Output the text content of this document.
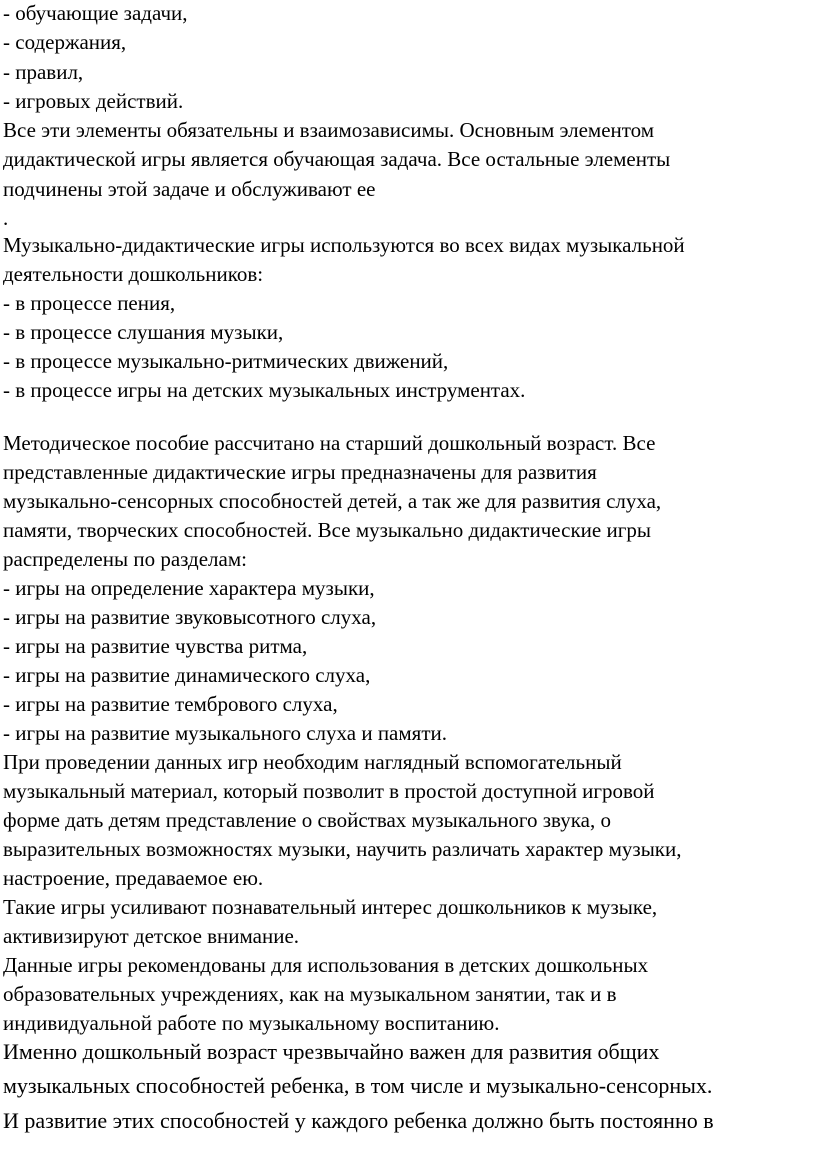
- обучающие задачи,
- содержания,
- правил,
- игровых действий.
Все эти элементы обязательны и взаимозависимы. Основным элементом
дидактической игры является обучающая задача. Все остальные элементы
подчинены этой задаче и обслуживают ее
.
Музыкально-дидактические игры используются во всех видах музыкальной
деятельности дошкольников:
- в процессе пения,
- в процессе слушания музыки,
- в процессе музыкально-ритмических движений,
- в процессе игры на детских музыкальных инструментах.
Методическое пособие рассчитано на старший дошкольный возраст. Все
представленные дидактические игры предназначены для развития
музыкально-сенсорных способностей детей, а так же для развития слуха,
памяти, творческих способностей. Все музыкально дидактические игры
распределены по разделам:
- игры на определение характера музыки,
- игры на развитие звуковысотного слуха,
- игры на развитие чувства ритма,
- игры на развитие динамического слуха,
- игры на развитие тембрового слуха,
- игры на развитие музыкального слуха и памяти.
При проведении данных игр необходим наглядный вспомогательный
музыкальный материал, который позволит в простой доступной игровой
форме дать детям представление о свойствах музыкального звука, о
выразительных возможностях музыки, научить различать характер музыки,
настроение, предаваемое ею.
Такие игры усиливают познавательный интерес дошкольников к музыке,
активизируют детское внимание.
Данные игры рекомендованы для использования в детских дошкольных
образовательных учреждениях, как на музыкальном занятии, так и в
индивидуальной работе по музыкальному воспитанию.
Именно дошкольный возраст чрезвычайно важен для развития общих
музыкальных способностей ребенка, в том числе и музыкально-сенсорных.
И развитие этих способностей у каждого ребенка должно быть постоянно в
